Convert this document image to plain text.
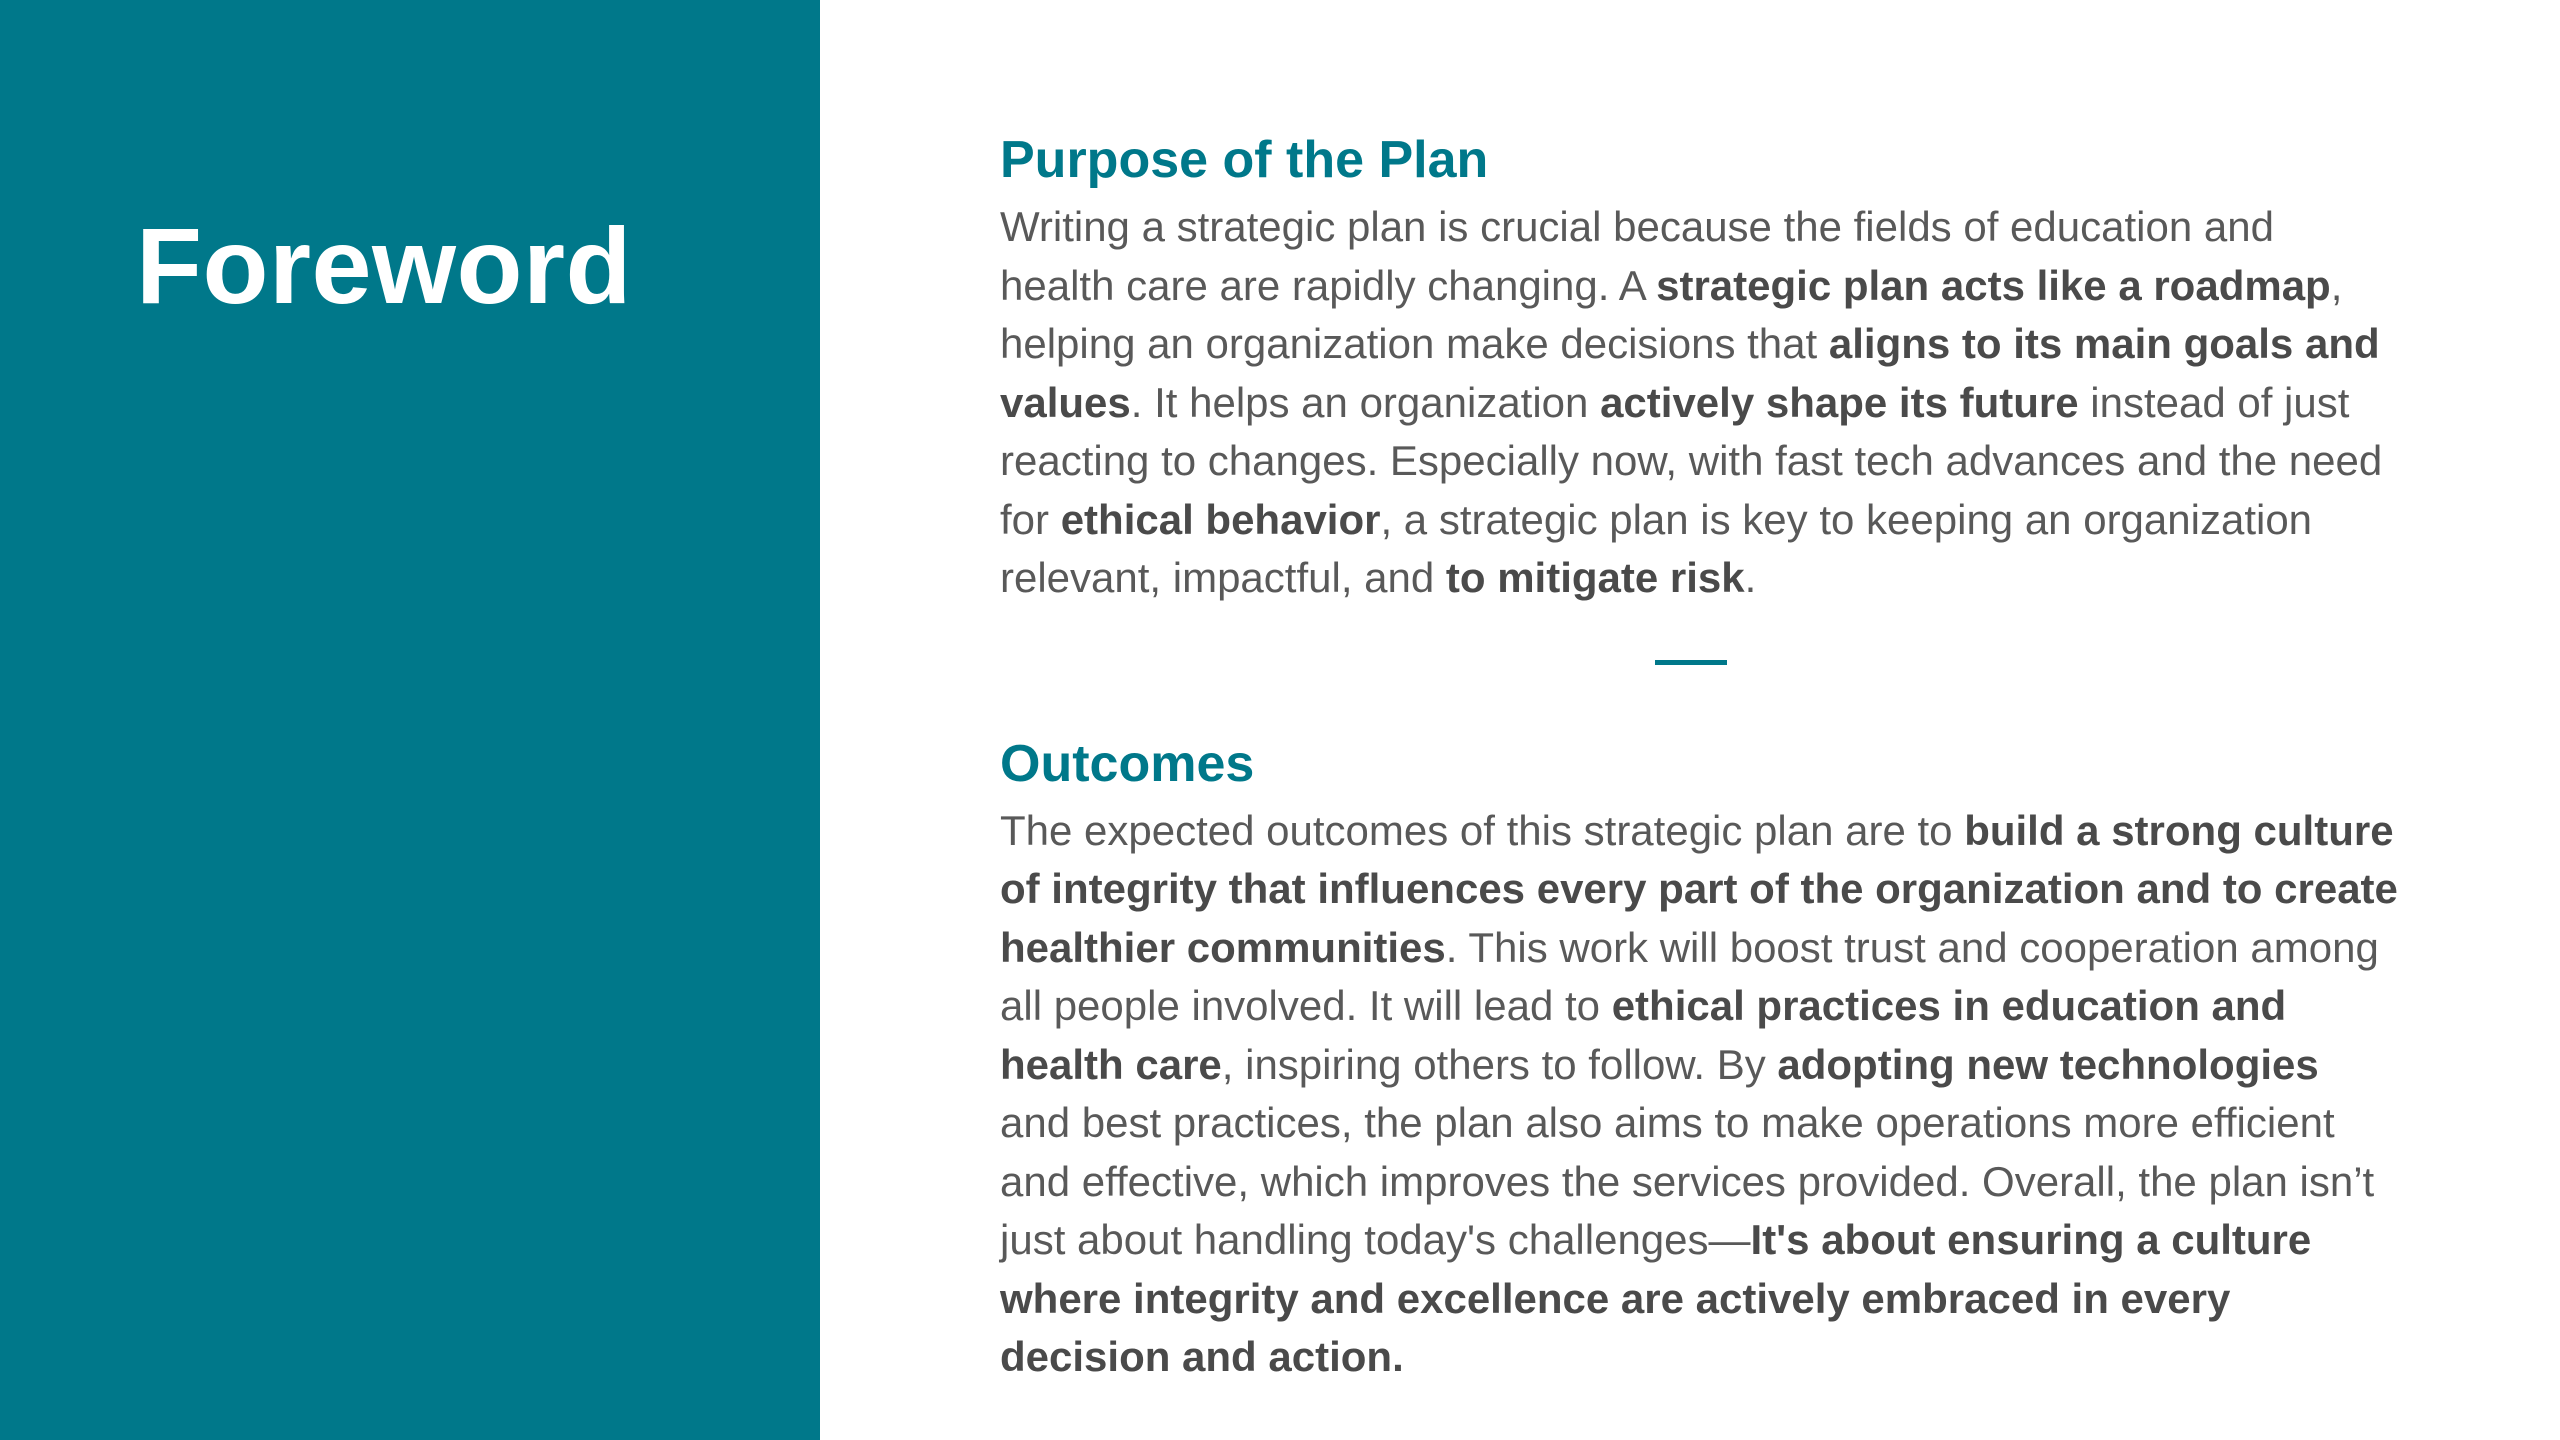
Foreword
Purpose of the Plan

Writing a strategic plan is crucial because the fields of education and health care are rapidly changing. A strategic plan acts like a roadmap, helping an organization make decisions that aligns to its main goals and values. It helps an organization actively shape its future instead of just reacting to changes. Especially now, with fast tech advances and the need for ethical behavior, a strategic plan is key to keeping an organization relevant, impactful, and to mitigate risk.

Outcomes

The expected outcomes of this strategic plan are to build a strong culture of integrity that influences every part of the organization and to create healthier communities. This work will boost trust and cooperation among all people involved. It will lead to ethical practices in education and health care, inspiring others to follow. By adopting new technologies and best practices, the plan also aims to make operations more efficient and effective, which improves the services provided. Overall, the plan isn’t just about handling today's challenges—It's about ensuring a culture where integrity and excellence are actively embraced in every decision and action.
